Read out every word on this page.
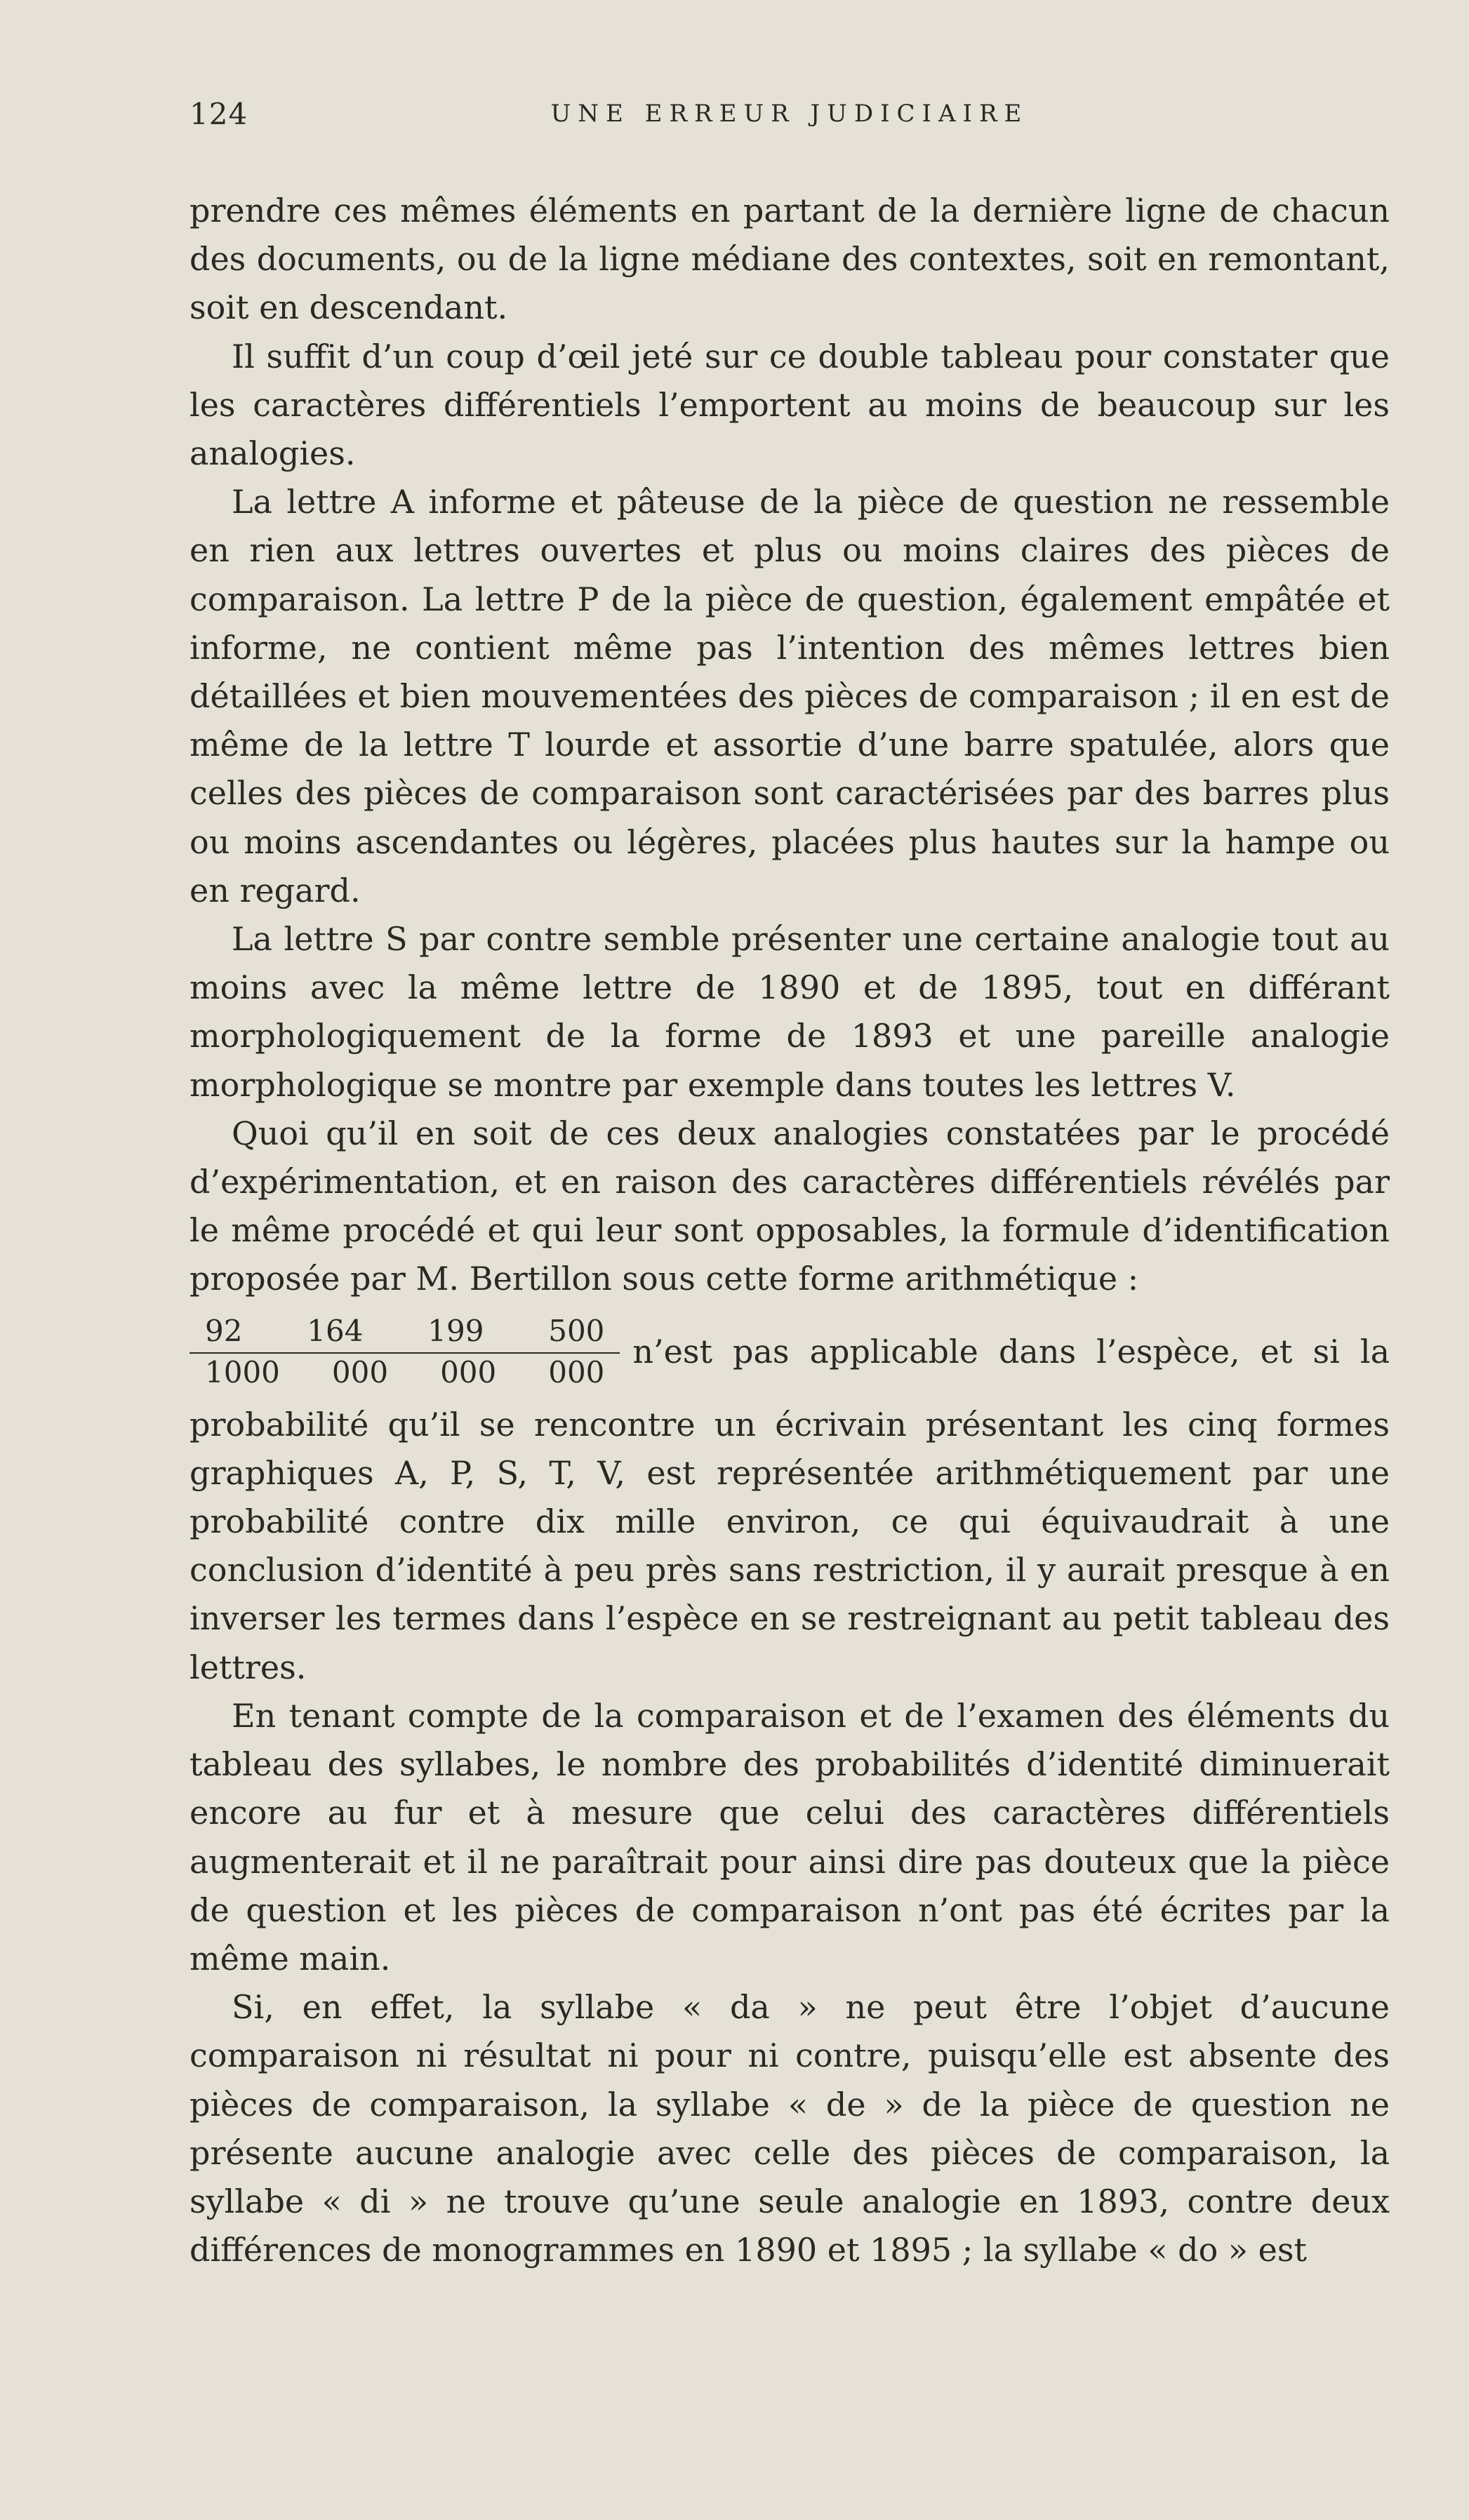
124	UNE ERREUR JUDICIAIRE

prendre ces mêmes éléments en partant de la dernière ligne de chacun des documents, ou de la ligne médiane des contextes, soit en remontant, soit en descendant.

Il suffit d’un coup d’œil jeté sur ce double tableau pour constater que les caractères différentiels l’emportent au moins de beaucoup sur les analogies.

La lettre A informe et pâteuse de la pièce de question ne ressemble en rien aux lettres ouvertes et plus ou moins claires des pièces de comparaison. La lettre P de la pièce de question, également empâtée et informe, ne contient même pas l’intention des mêmes lettres bien détaillées et bien mouvementées des pièces de comparaison ; il en est de même de la lettre T lourde et assortie d’une barre spatulée, alors que celles des pièces de comparaison sont caractérisées par des barres plus ou moins ascendantes ou légères, placées plus hautes sur la hampe ou en regard.

La lettre S par contre semble présenter une certaine analogie tout au moins avec la même lettre de 1890 et de 1895, tout en différant morphologiquement de la forme de 1893 et une pareille analogie morphologique se montre par exemple dans toutes les lettres V.

Quoi qu’il en soit de ces deux analogies constatées par le procédé d’expérimentation, et en raison des caractères différentiels révélés par le même procédé et qui leur sont opposables, la formule d’identification proposée par M. Bertillon sous cette forme arithmétique :

$\frac{92 164 199 500}{1000 000 000 000}$ n’est pas applicable dans l’espèce, et si la

probabilité qu’il se rencontre un écrivain présentant les cinq formes graphiques A, P, S, T, V, est représentée arithmétiquement par une probabilité contre dix mille environ, ce qui équivaudrait à une conclusion d’identité à peu près sans restriction, il y aurait presque à en inverser les termes dans l’espèce en se restreignant au petit tableau des lettres.

En tenant compte de la comparaison et de l’examen des éléments du tableau des syllabes, le nombre des probabilités d’identité diminuerait encore au fur et à mesure que celui des caractères différentiels augmenterait et il ne paraîtrait pour ainsi dire pas douteux que la pièce de question et les pièces de comparaison n’ont pas été écrites par la même main.

Si, en effet, la syllabe « da » ne peut être l’objet d’aucune comparaison ni résultat ni pour ni contre, puisqu’elle est absente des pièces de comparaison, la syllabe « de » de la pièce de question ne présente aucune analogie avec celle des pièces de comparaison, la syllabe « di » ne trouve qu’une seule analogie en 1893, contre deux différences de monogrammes en 1890 et 1895 ; la syllabe « do » est
